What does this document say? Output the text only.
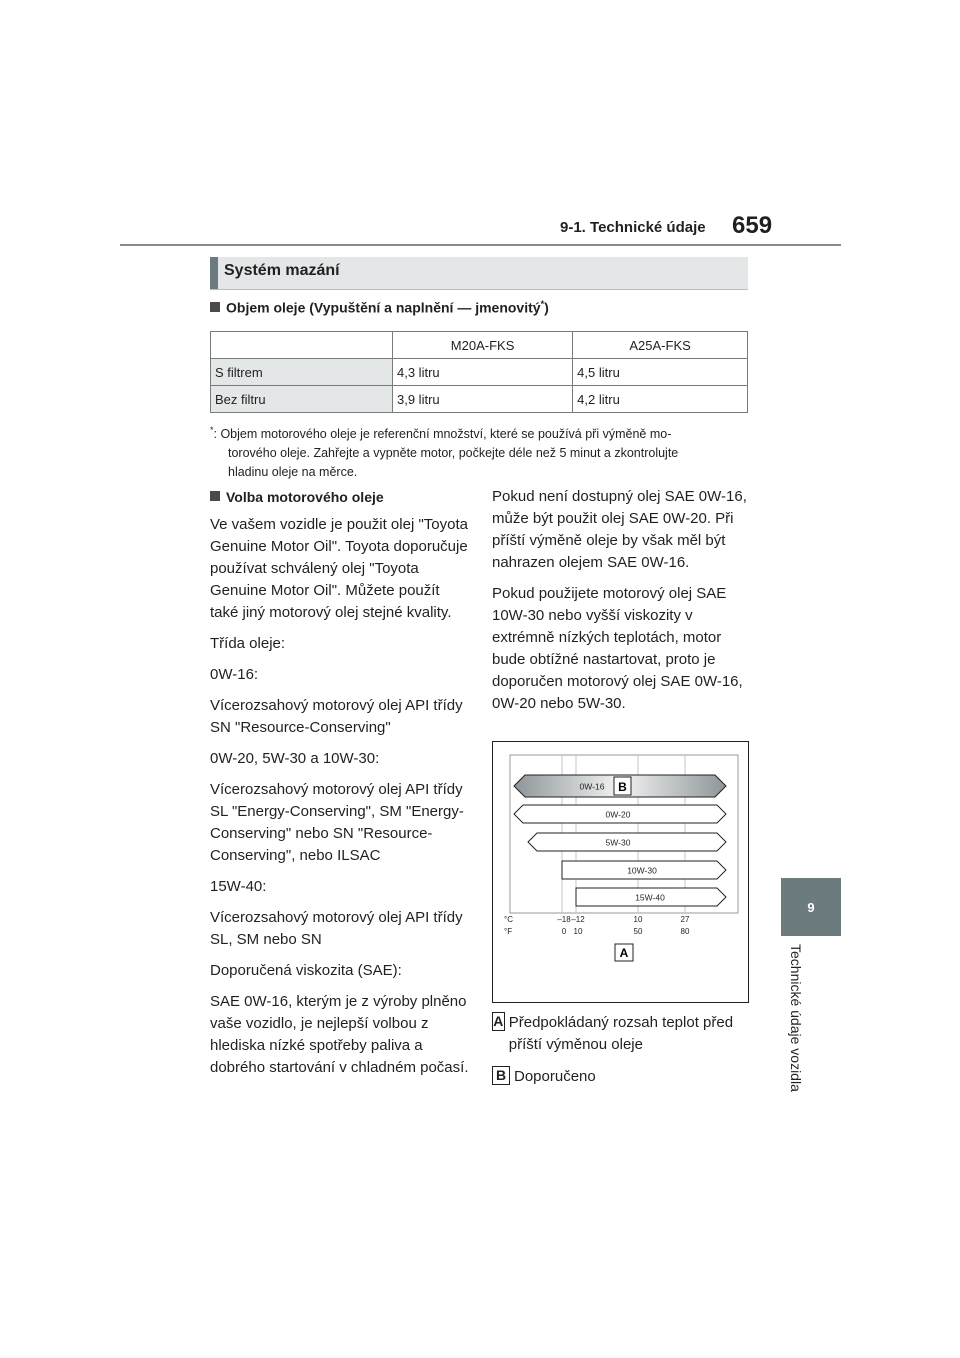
9-1. Technické údaje 659
9
Technické údaje vozidla
Systém mazání
Objem oleje (Vypuštění a naplnění — jmenovitý*)
	M20A-FKS	A25A-FKS
S filtrem	4,3 litru	4,5 litru
Bez filtru	3,9 litru	4,2 litru
*: Objem motorového oleje je referenční množství, které se používá při výměně mo-
torového oleje. Zahřejte a vypněte motor, počkejte déle než 5 minut a zkontrolujte
hladinu oleje na měrce.

Volba motorového oleje

Ve vašem vozidle je použit olej "Toyota Genuine Motor Oil". Toyota doporučuje používat schválený olej "Toyota Genuine Motor Oil". Můžete použít také jiný motorový olej stejné kvality.

Třída oleje:

0W-16:

Vícerozsahový motorový olej API třídy SN "Resource-Conserving"

0W-20, 5W-30 a 10W-30:

Vícerozsahový motorový olej API třídy SL "Energy-Conserving", SM "Energy-Conserving" nebo SN "Resource-Conserving", nebo ILSAC

15W-40:

Vícerozsahový motorový olej API třídy SL, SM nebo SN

Doporučená viskozita (SAE):

SAE 0W-16, kterým je z výroby plněno vaše vozidlo, je nejlepší volbou z hlediska nízké spotřeby paliva a dobrého startování v chladném počasí.

Pokud není dostupný olej SAE 0W-16, může být použit olej SAE 0W-20. Při příští výměně oleje by však měl být nahrazen olejem SAE 0W-16.

Pokud použijete motorový olej SAE 10W-30 nebo vyšší viskozity v extrémně nízkých teplotách, motor bude obtížné nastartovat, proto je doporučen motorový olej SAE 0W-16, 0W-20 nebo 5W-30.

0W-16 B
0W-20
5W-30
10W-30
15W-40
°C
°F
–18 –12	10	27
0 10	50	80
A
A Předpokládaný rozsah teplot před příští výměnou oleje
B Doporučeno
